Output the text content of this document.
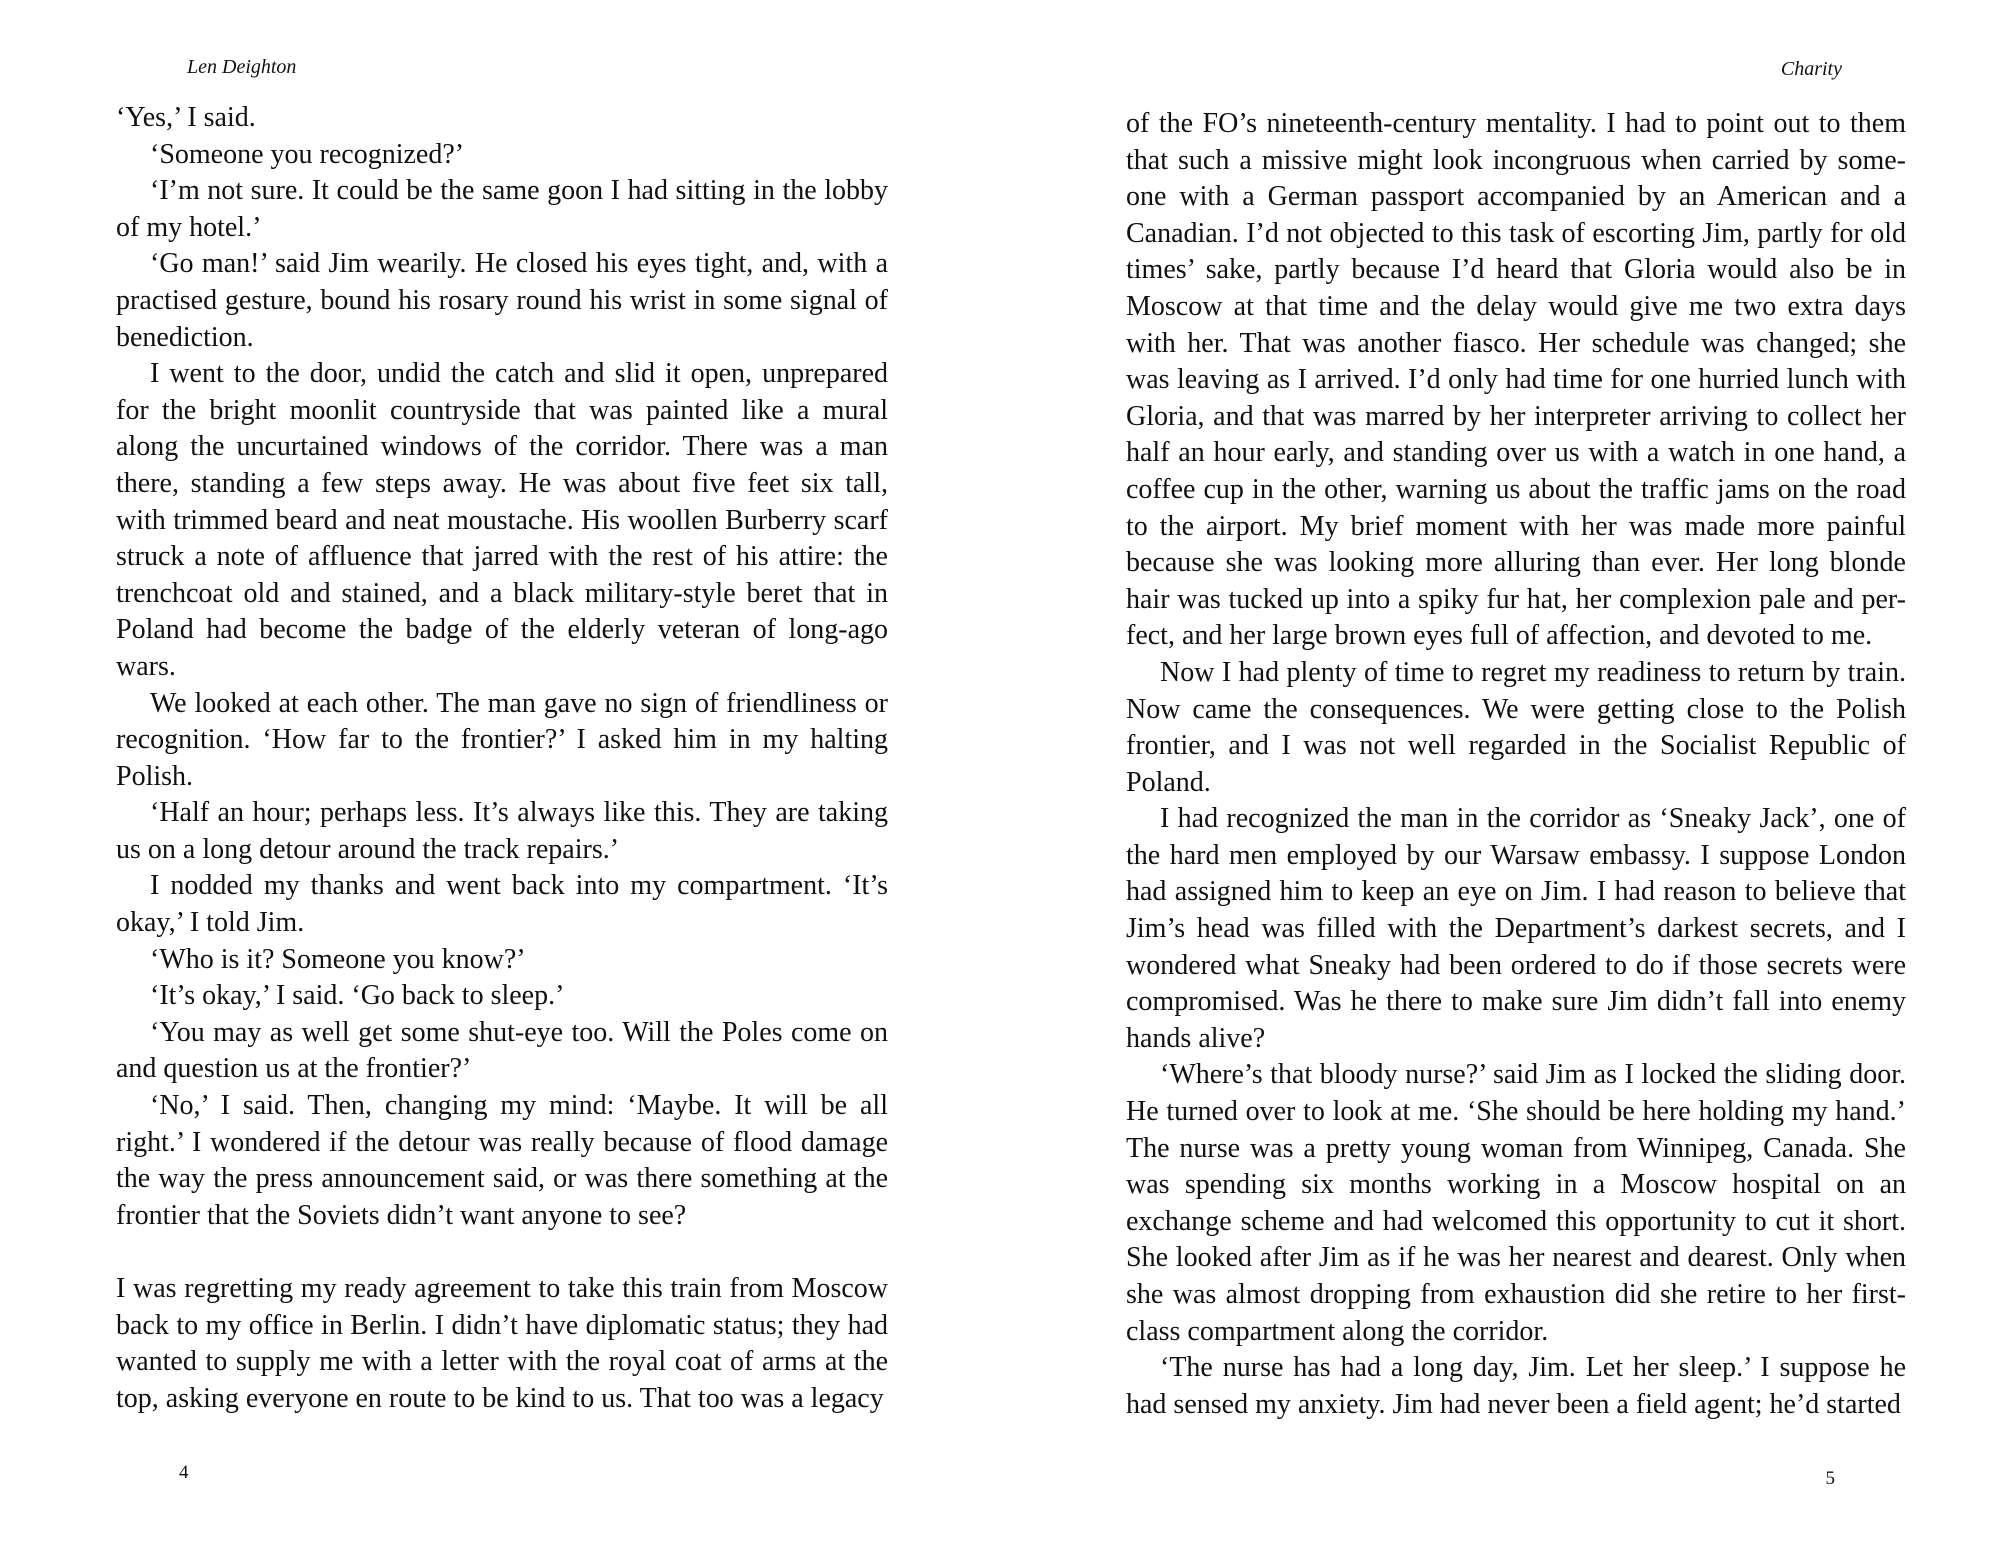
Len Deighton

‘Yes,’ I said.

‘Someone you recognized?’

‘I’m not sure. It could be the same goon I had sitting in the lobby of my hotel.’

‘Go man!’ said Jim wearily. He closed his eyes tight, and, with a practised gesture, bound his rosary round his wrist in some signal of benediction.

I went to the door, undid the catch and slid it open, unprepared for the bright moonlit countryside that was painted like a mural along the uncurtained windows of the corridor. There was a man there, standing a few steps away. He was about five feet six tall, with trimmed beard and neat moustache. His woollen Burberry scarf struck a note of affluence that jarred with the rest of his attire: the trenchcoat old and stained, and a black military-style beret that in Poland had become the badge of the elderly veteran of long-ago wars.

We looked at each other. The man gave no sign of friendliness or recognition. ‘How far to the frontier?’ I asked him in my halting Polish.

‘Half an hour; perhaps less. It’s always like this. They are taking us on a long detour around the track repairs.’

I nodded my thanks and went back into my compartment. ‘It’s okay,’ I told Jim.

‘Who is it? Someone you know?’

‘It’s okay,’ I said. ‘Go back to sleep.’

‘You may as well get some shut-eye too. Will the Poles come on and question us at the frontier?’

‘No,’ I said. Then, changing my mind: ‘Maybe. It will be all right.’ I wondered if the detour was really because of flood damage the way the press announcement said, or was there something at the frontier that the Soviets didn’t want anyone to see?

I was regretting my ready agreement to take this train from Moscow back to my office in Berlin. I didn’t have diplomatic status; they had wanted to supply me with a letter with the royal coat of arms at the top, asking everyone en route to be kind to us. That too was a legacy

4
Charity

of the FO’s nineteenth-century mentality. I had to point out to them that such a missive might look incongruous when carried by some-one with a German passport accompanied by an American and a Canadian. I’d not objected to this task of escorting Jim, partly for old times’ sake, partly because I’d heard that Gloria would also be in Moscow at that time and the delay would give me two extra days with her. That was another fiasco. Her schedule was changed; she was leaving as I arrived. I’d only had time for one hurried lunch with Gloria, and that was marred by her interpreter arriving to collect her half an hour early, and standing over us with a watch in one hand, a coffee cup in the other, warning us about the traffic jams on the road to the airport. My brief moment with her was made more painful because she was looking more alluring than ever. Her long blonde hair was tucked up into a spiky fur hat, her complexion pale and per-fect, and her large brown eyes full of affection, and devoted to me.

Now I had plenty of time to regret my readiness to return by train. Now came the consequences. We were getting close to the Polish frontier, and I was not well regarded in the Socialist Republic of Poland.

I had recognized the man in the corridor as ‘Sneaky Jack’, one of the hard men employed by our Warsaw embassy. I suppose London had assigned him to keep an eye on Jim. I had reason to believe that Jim’s head was filled with the Department’s darkest secrets, and I wondered what Sneaky had been ordered to do if those secrets were compromised. Was he there to make sure Jim didn’t fall into enemy hands alive?

‘Where’s that bloody nurse?’ said Jim as I locked the sliding door. He turned over to look at me. ‘She should be here holding my hand.’ The nurse was a pretty young woman from Winnipeg, Canada. She was spending six months working in a Moscow hospital on an exchange scheme and had welcomed this opportunity to cut it short. She looked after Jim as if he was her nearest and dearest. Only when she was almost dropping from exhaustion did she retire to her first-class compartment along the corridor.

‘The nurse has had a long day, Jim. Let her sleep.’ I suppose he had sensed my anxiety. Jim had never been a field agent; he’d started

5
